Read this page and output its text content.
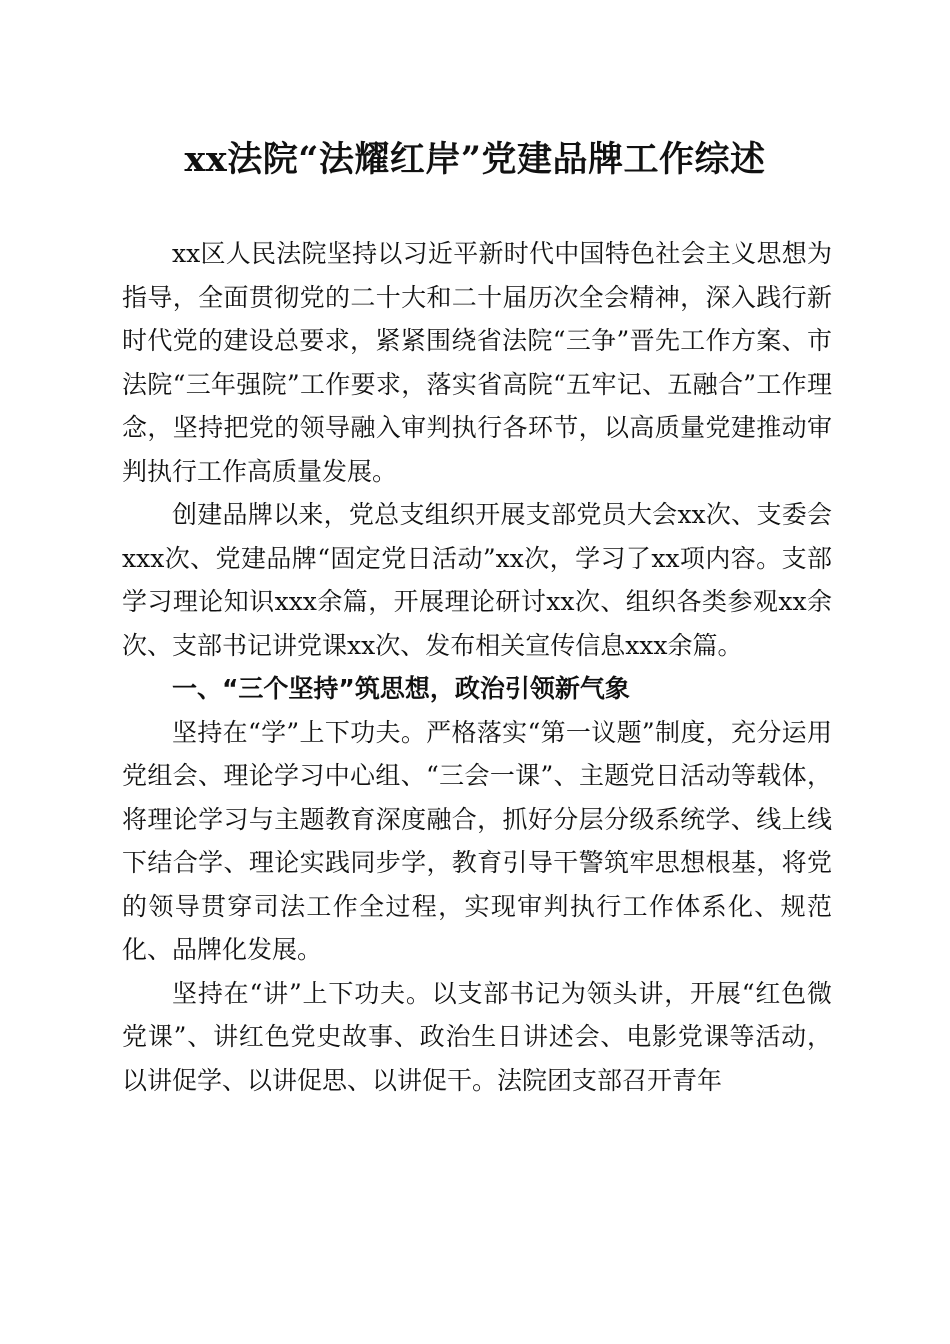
xx法院“法耀红岸”党建品牌工作综述

xx区人民法院坚持以习近平新时代中国特色社会主义思想为指导，全面贯彻党的二十大和二十届历次全会精神，深入践行新时代党的建设总要求，紧紧围绕省法院“三争”晋先工作方案、市法院“三年强院”工作要求，落实省高院“五牢记、五融合”工作理念，坚持把党的领导融入审判执行各环节，以高质量党建推动审判执行工作高质量发展。

创建品牌以来，党总支组织开展支部党员大会xx次、支委会xxx次、党建品牌“固定党日活动”xx次，学习了xx项内容。支部学习理论知识xxx余篇，开展理论研讨xx次、组织各类参观xx余次、支部书记讲党课xx次、发布相关宣传信息xxx余篇。

一、“三个坚持”筑思想，政治引领新气象

坚持在“学”上下功夫。严格落实“第一议题”制度，充分运用党组会、理论学习中心组、“三会一课”、主题党日活动等载体，将理论学习与主题教育深度融合，抓好分层分级系统学、线上线下结合学、理论实践同步学，教育引导干警筑牢思想根基，将党的领导贯穿司法工作全过程，实现审判执行工作体系化、规范化、品牌化发展。

坚持在“讲”上下功夫。以支部书记为领头讲，开展“红色微党课”、讲红色党史故事、政治生日讲述会、电影党课等活动，以讲促学、以讲促思、以讲促干。法院团支部召开青年
